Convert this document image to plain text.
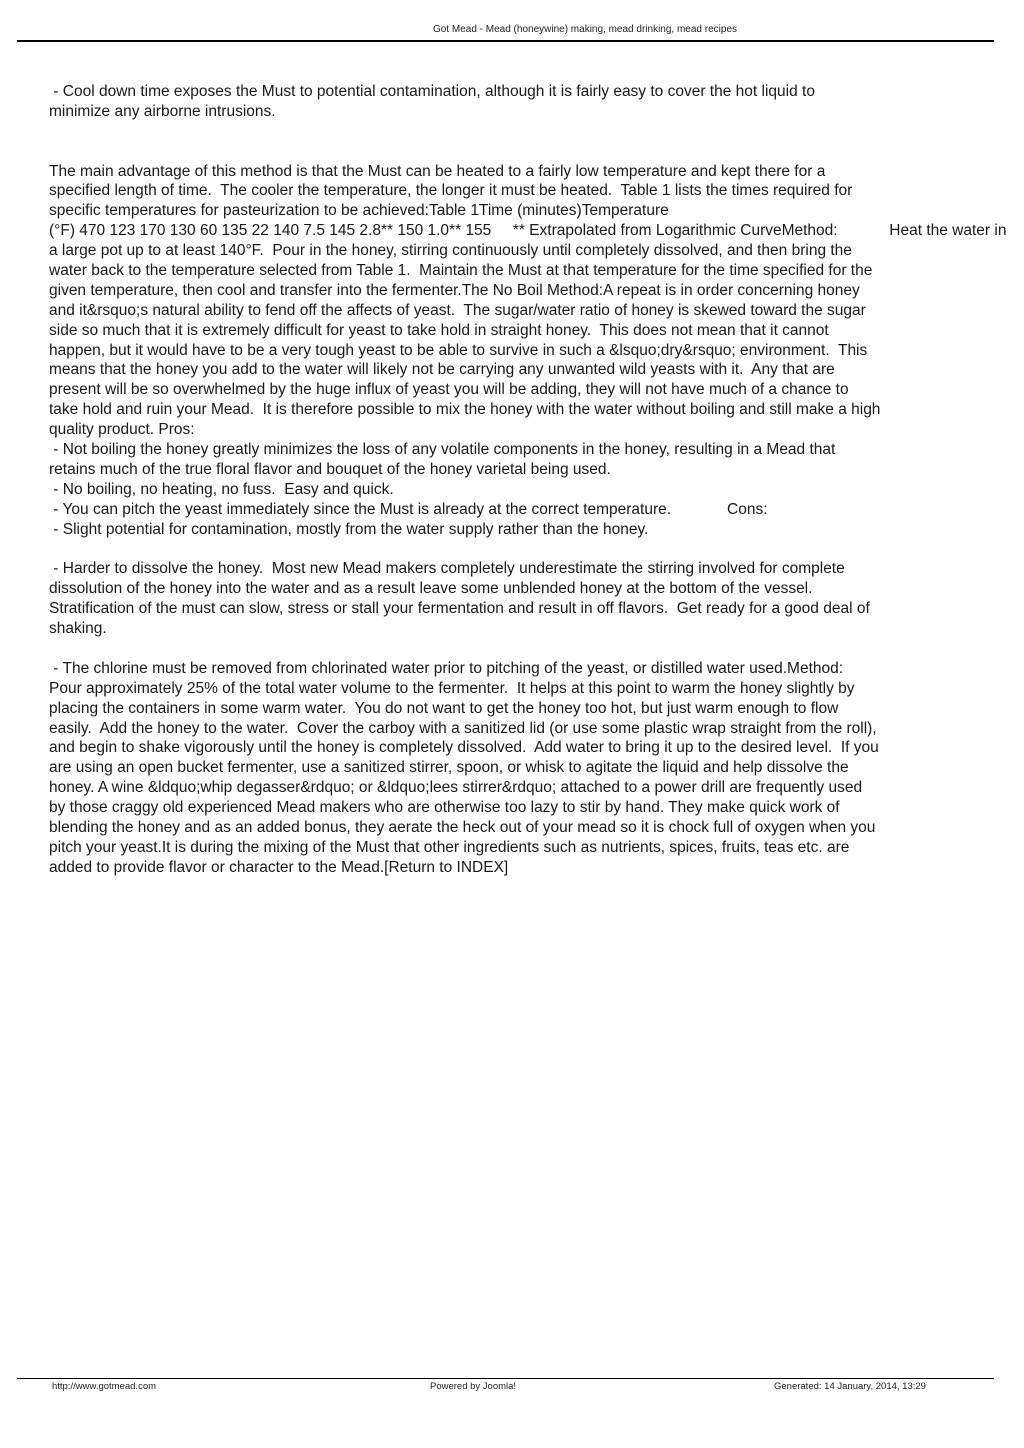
Got Mead - Mead (honeywine) making, mead drinking, mead recipes
- Cool down time exposes the Must to potential contamination, although it is fairly easy to cover the hot liquid to
minimize any airborne intrusions.
The main advantage of this method is that the Must can be heated to a fairly low temperature and kept there for a
specified length of time.  The cooler the temperature, the longer it must be heated.  Table 1 lists the times required for
specific temperatures for pasteurization to be achieved:Table 1Time (minutes)Temperature
(°F) 470 123 170 130 60 135 22 140 7.5 145 2.8** 150 1.0** 155     ** Extrapolated from Logarithmic CurveMethod:            Heat the water in
a large pot up to at least 140°F.  Pour in the honey, stirring continuously until completely dissolved, and then bring the
water back to the temperature selected from Table 1.  Maintain the Must at that temperature for the time specified for the
given temperature, then cool and transfer into the fermenter.The No Boil Method:A repeat is in order concerning honey
and it&rsquo;s natural ability to fend off the affects of yeast.  The sugar/water ratio of honey is skewed toward the sugar
side so much that it is extremely difficult for yeast to take hold in straight honey.  This does not mean that it cannot
happen, but it would have to be a very tough yeast to be able to survive in such a &lsquo;dry&rsquo; environment.  This
means that the honey you add to the water will likely not be carrying any unwanted wild yeasts with it.  Any that are
present will be so overwhelmed by the huge influx of yeast you will be adding, they will not have much of a chance to
take hold and ruin your Mead.  It is therefore possible to mix the honey with the water without boiling and still make a high
quality product. Pros:
- Not boiling the honey greatly minimizes the loss of any volatile components in the honey, resulting in a Mead that
retains much of the true floral flavor and bouquet of the honey varietal being used.
- No boiling, no heating, no fuss.  Easy and quick.
- You can pitch the yeast immediately since the Must is already at the correct temperature.             Cons:
- Slight potential for contamination, mostly from the water supply rather than the honey.
- Harder to dissolve the honey.  Most new Mead makers completely underestimate the stirring involved for complete
dissolution of the honey into the water and as a result leave some unblended honey at the bottom of the vessel.
Stratification of the must can slow, stress or stall your fermentation and result in off flavors.  Get ready for a good deal of
shaking.
- The chlorine must be removed from chlorinated water prior to pitching of the yeast, or distilled water used.Method:
Pour approximately 25% of the total water volume to the fermenter.  It helps at this point to warm the honey slightly by
placing the containers in some warm water.  You do not want to get the honey too hot, but just warm enough to flow
easily.  Add the honey to the water.  Cover the carboy with a sanitized lid (or use some plastic wrap straight from the roll),
and begin to shake vigorously until the honey is completely dissolved.  Add water to bring it up to the desired level.  If you
are using an open bucket fermenter, use a sanitized stirrer, spoon, or whisk to agitate the liquid and help dissolve the
honey. A wine &ldquo;whip degasser&rdquo; or &ldquo;lees stirrer&rdquo; attached to a power drill are frequently used
by those craggy old experienced Mead makers who are otherwise too lazy to stir by hand. They make quick work of
blending the honey and as an added bonus, they aerate the heck out of your mead so it is chock full of oxygen when you
pitch your yeast.It is during the mixing of the Must that other ingredients such as nutrients, spices, fruits, teas etc. are
added to provide flavor or character to the Mead.[Return to INDEX]
http://www.gotmead.com	Powered by Joomla!	Generated: 14 January, 2014, 13:29
